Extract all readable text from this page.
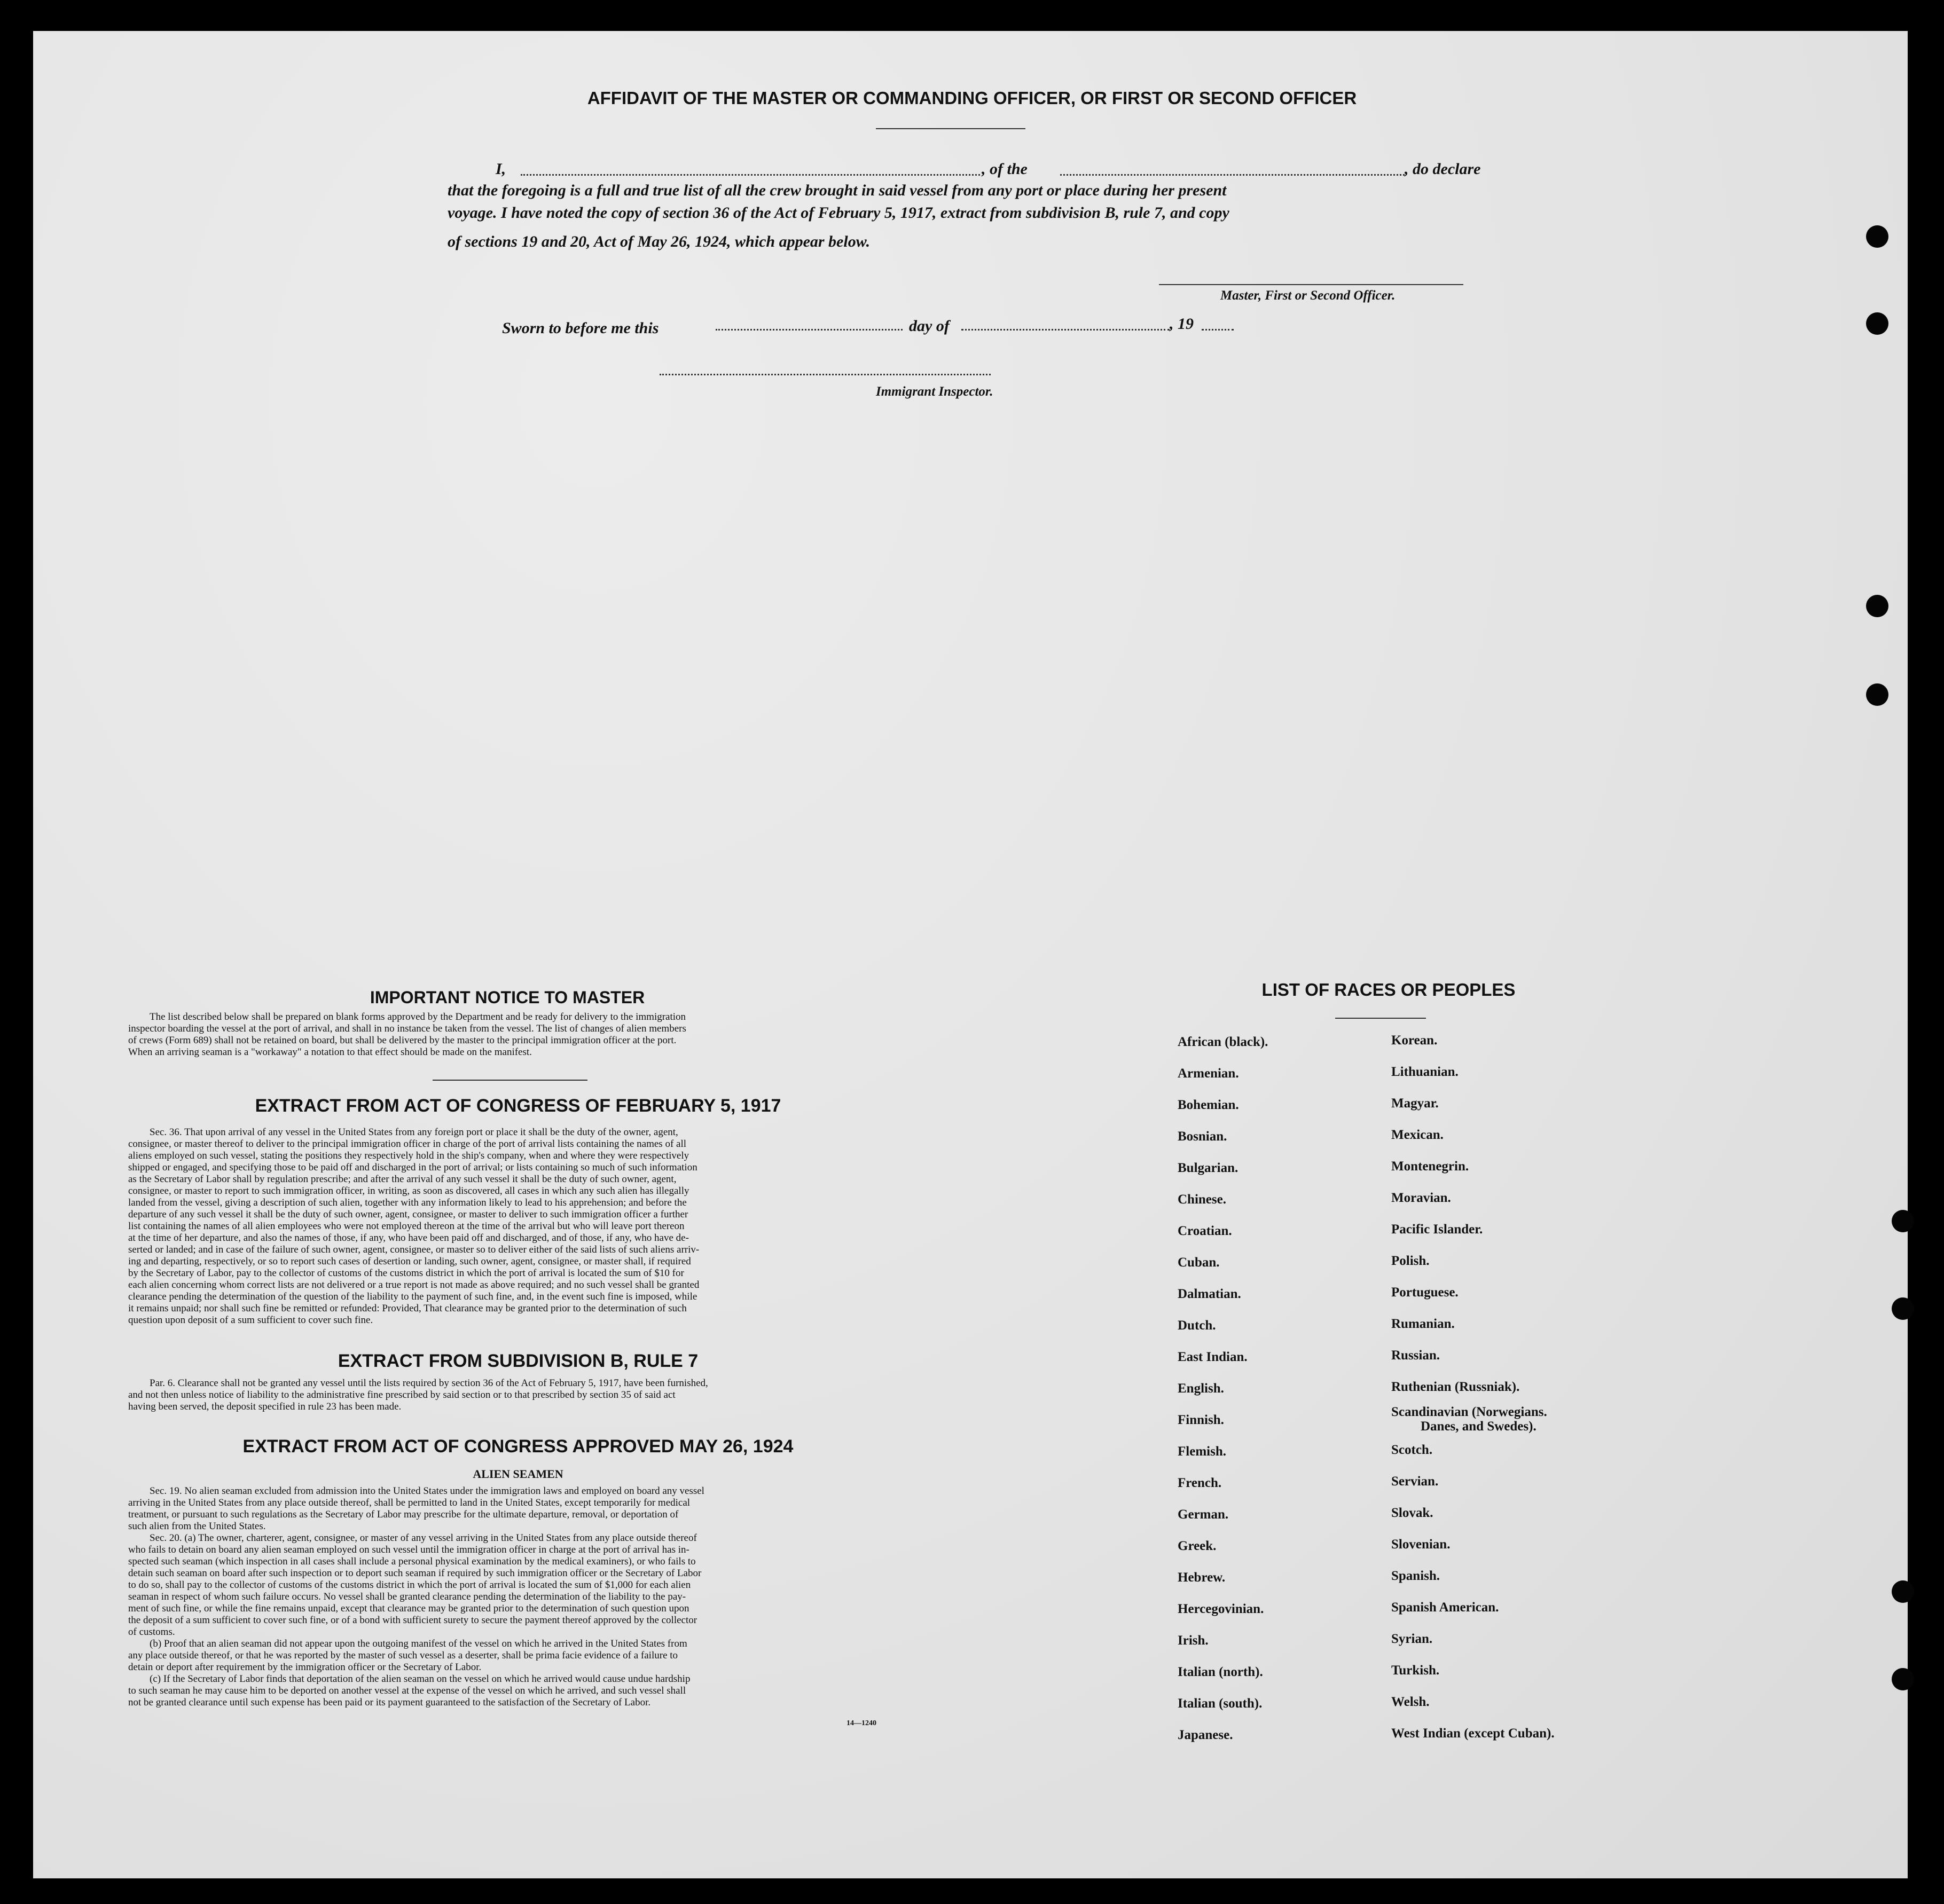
AFFIDAVIT OF THE MASTER OR COMMANDING OFFICER, OR FIRST OR SECOND OFFICER
I,	, of the	, do declare
that the foregoing is a full and true list of all the crew brought in said vessel from any port or place during her present
voyage. I have noted the copy of section 36 of the Act of February 5, 1917, extract from subdivision B, rule 7, and copy
of sections 19 and 20, Act of May 26, 1924, which appear below.
Master, First or Second Officer.
Sworn to before me this	day of	, 19
Immigrant Inspector.
IMPORTANT NOTICE TO MASTER
The list described below shall be prepared on blank forms approved by the Department and be ready for delivery to the immigration
inspector boarding the vessel at the port of arrival, and shall in no instance be taken from the vessel. The list of changes of alien members
of crews (Form 689) shall not be retained on board, but shall be delivered by the master to the principal immigration officer at the port.
When an arriving seaman is a "workaway" a notation to that effect should be made on the manifest.
EXTRACT FROM ACT OF CONGRESS OF FEBRUARY 5, 1917
Sec. 36. That upon arrival of any vessel in the United States from any foreign port or place it shall be the duty of the owner, agent,
consignee, or master thereof to deliver to the principal immigration officer in charge of the port of arrival lists containing the names of all
aliens employed on such vessel, stating the positions they respectively hold in the ship's company, when and where they were respectively
shipped or engaged, and specifying those to be paid off and discharged in the port of arrival; or lists containing so much of such information
as the Secretary of Labor shall by regulation prescribe; and after the arrival of any such vessel it shall be the duty of such owner, agent,
consignee, or master to report to such immigration officer, in writing, as soon as discovered, all cases in which any such alien has illegally
landed from the vessel, giving a description of such alien, together with any information likely to lead to his apprehension; and before the
departure of any such vessel it shall be the duty of such owner, agent, consignee, or master to deliver to such immigration officer a further
list containing the names of all alien employees who were not employed thereon at the time of the arrival but who will leave port thereon
at the time of her departure, and also the names of those, if any, who have been paid off and discharged, and of those, if any, who have de-
serted or landed; and in case of the failure of such owner, agent, consignee, or master so to deliver either of the said lists of such aliens arriv-
ing and departing, respectively, or so to report such cases of desertion or landing, such owner, agent, consignee, or master shall, if required
by the Secretary of Labor, pay to the collector of customs of the customs district in which the port of arrival is located the sum of $10 for
each alien concerning whom correct lists are not delivered or a true report is not made as above required; and no such vessel shall be granted
clearance pending the determination of the question of the liability to the payment of such fine, and, in the event such fine is imposed, while
it remains unpaid; nor shall such fine be remitted or refunded: Provided, That clearance may be granted prior to the determination of such
question upon deposit of a sum sufficient to cover such fine.
EXTRACT FROM SUBDIVISION B, RULE 7
Par. 6. Clearance shall not be granted any vessel until the lists required by section 36 of the Act of February 5, 1917, have been furnished,
and not then unless notice of liability to the administrative fine prescribed by said section or to that prescribed by section 35 of said act
having been served, the deposit specified in rule 23 has been made.
EXTRACT FROM ACT OF CONGRESS APPROVED MAY 26, 1924
ALIEN SEAMEN
Sec. 19. No alien seaman excluded from admission into the United States under the immigration laws and employed on board any vessel
arriving in the United States from any place outside thereof, shall be permitted to land in the United States, except temporarily for medical
treatment, or pursuant to such regulations as the Secretary of Labor may prescribe for the ultimate departure, removal, or deportation of
such alien from the United States.
Sec. 20. (a) The owner, charterer, agent, consignee, or master of any vessel arriving in the United States from any place outside thereof
who fails to detain on board any alien seaman employed on such vessel until the immigration officer in charge at the port of arrival has in-
spected such seaman (which inspection in all cases shall include a personal physical examination by the medical examiners), or who fails to
detain such seaman on board after such inspection or to deport such seaman if required by such immigration officer or the Secretary of Labor
to do so, shall pay to the collector of customs of the customs district in which the port of arrival is located the sum of $1,000 for each alien
seaman in respect of whom such failure occurs. No vessel shall be granted clearance pending the determination of the liability to the pay-
ment of such fine, or while the fine remains unpaid, except that clearance may be granted prior to the determination of such question upon
the deposit of a sum sufficient to cover such fine, or of a bond with sufficient surety to secure the payment thereof approved by the collector
of customs.
(b) Proof that an alien seaman did not appear upon the outgoing manifest of the vessel on which he arrived in the United States from
any place outside thereof, or that he was reported by the master of such vessel as a deserter, shall be prima facie evidence of a failure to
detain or deport after requirement by the immigration officer or the Secretary of Labor.
(c) If the Secretary of Labor finds that deportation of the alien seaman on the vessel on which he arrived would cause undue hardship
to such seaman he may cause him to be deported on another vessel at the expense of the vessel on which he arrived, and such vessel shall
not be granted clearance until such expense has been paid or its payment guaranteed to the satisfaction of the Secretary of Labor.
14—1240
LIST OF RACES OR PEOPLES
African (black).
Armenian.
Bohemian.
Bosnian.
Bulgarian.
Chinese.
Croatian.
Cuban.
Dalmatian.
Dutch.
East Indian.
English.
Finnish.
Flemish.
French.
German.
Greek.
Hebrew.
Hercegovinian.
Irish.
Italian (north).
Italian (south).
Japanese.
Korean.
Lithuanian.
Magyar.
Mexican.
Montenegrin.
Moravian.
Pacific Islander.
Polish.
Portuguese.
Rumanian.
Russian.
Ruthenian (Russniak).
Scandinavian (Norwegians.
Danes, and Swedes).
Scotch.
Servian.
Slovak.
Slovenian.
Spanish.
Spanish American.
Syrian.
Turkish.
Welsh.
West Indian (except Cuban).
